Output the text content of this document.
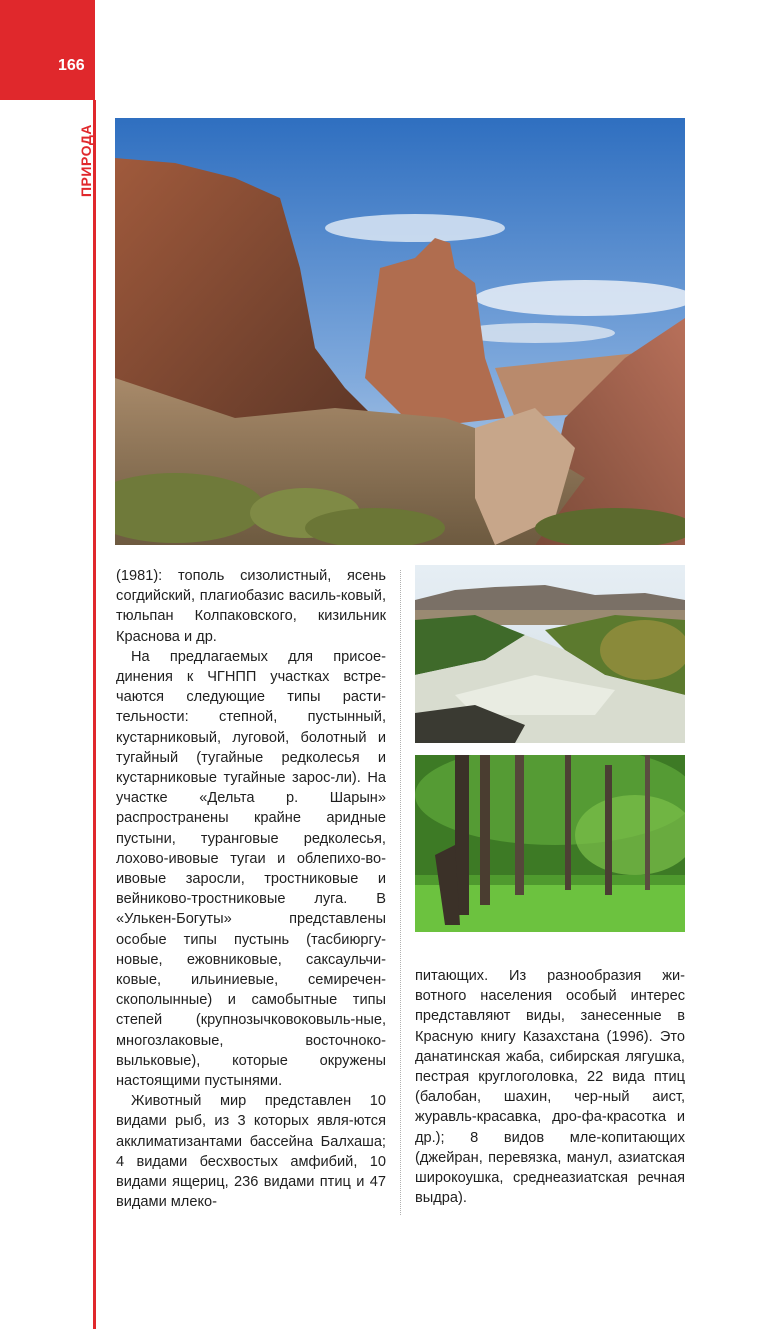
166
ПРИРОДА

(1981): тополь сизолистный, ясень согдийский, плагиобазис василь-ковый, тюльпан Колпаковского, кизильник Краснова и др.

На предлагаемых для присое-динения к ЧГНПП участках встре-чаются следующие типы расти-тельности: степной, пустынный, кустарниковый, луговой, болотный и тугайный (тугайные редколесья и кустарниковые тугайные зарос-ли). На участке «Дельта р. Шарын» распространены крайне аридные пустыни, туранговые редколесья, лохово-ивовые тугаи и облепихо-во-ивовые заросли, тростниковые и вейниково-тростниковые луга. В «Улькен-Богуты» представлены особые типы пустынь (тасбиюргу-новые, ежовниковые, саксаульчи-ковые, ильиниевые, семиречен-скополынные) и самобытные типы степей (крупнозычковоковыль-ные, многозлаковые, восточноко-выльковые), которые окружены настоящими пустынями.

Животный мир представлен 10 видами рыб, из 3 которых явля-ются акклиматизантами бассейна Балхаша; 4 видами бесхвостых амфибий, 10 видами ящериц, 236 видами птиц и 47 видами млеко-

питающих. Из разнообразия жи-вотного населения особый интерес представляют виды, занесенные в Красную книгу Казахстана (1996). Это данатинская жаба, сибирская лягушка, пестрая круглоголовка, 22 вида птиц (балобан, шахин, чер-ный аист, журавль-красавка, дро-фа-красотка и др.); 8 видов мле-копитающих (джейран, перевязка, манул, азиатская широкоушка, среднеазиатская речная выдра).
